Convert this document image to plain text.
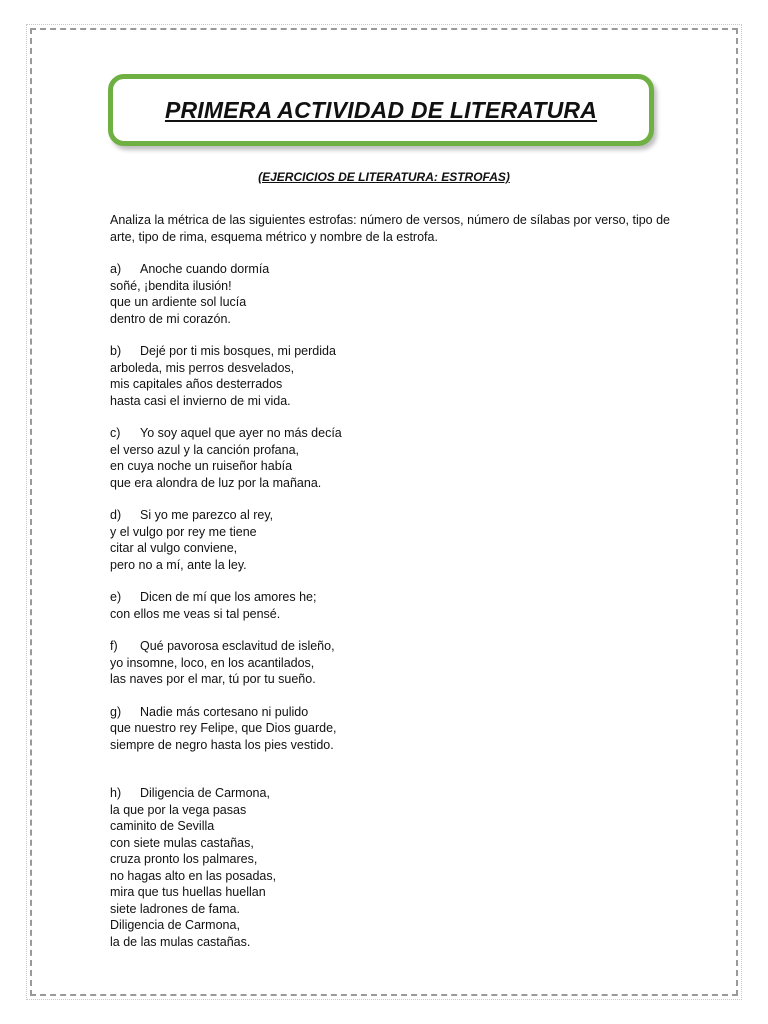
PRIMERA ACTIVIDAD DE LITERATURA
(EJERCICIOS DE LITERATURA: ESTROFAS)

Analiza la métrica de las siguientes estrofas: número de versos, número de sílabas por verso, tipo de arte, tipo de rima, esquema métrico y nombre de la estrofa.

a) Anoche cuando dormía
soñé, ¡bendita ilusión!
que un ardiente sol lucía
dentro de mi corazón.
b) Dejé por ti mis bosques, mi perdida
arboleda, mis perros desvelados,
mis capitales años desterrados
hasta casi el invierno de mi vida.
c) Yo soy aquel que ayer no más decía
el verso azul y la canción profana,
en cuya noche un ruiseñor había
que era alondra de luz por la mañana.
d) Si yo me parezco al rey,
y el vulgo por rey me tiene
citar al vulgo conviene,
pero no a mí, ante la ley.
e) Dicen de mí que los amores he;
con ellos me veas si tal pensé.
f) Qué pavorosa esclavitud de isleño,
yo insomne, loco, en los acantilados,
las naves por el mar, tú por tu sueño.
g) Nadie más cortesano ni pulido
que nuestro rey Felipe, que Dios guarde,
siempre de negro hasta los pies vestido.
h) Diligencia de Carmona,
la que por la vega pasas
caminito de Sevilla
con siete mulas castañas,
cruza pronto los palmares,
no hagas alto en las posadas,
mira que tus huellas huellan
siete ladrones de fama.
Diligencia de Carmona,
la de las mulas castañas.
